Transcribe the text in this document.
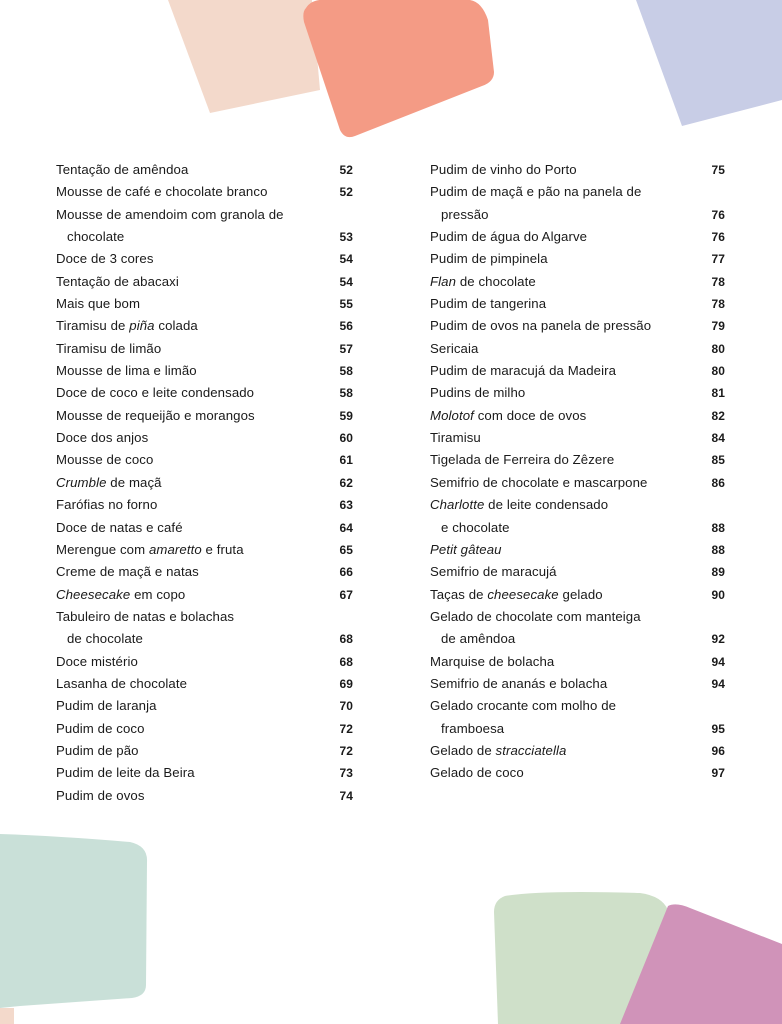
Tentação de amêndoa	52
Mousse de café e chocolate branco	52
Mousse de amendoim com granola de
chocolate	53
Doce de 3 cores	54
Tentação de abacaxi	54
Mais que bom	55
Tiramisu de piña colada	56
Tiramisu de limão	57
Mousse de lima e limão	58
Doce de coco e leite condensado	58
Mousse de requeijão e morangos	59
Doce dos anjos	60
Mousse de coco	61
Crumble de maçã	62
Farófias no forno	63
Doce de natas e café	64
Merengue com amaretto e fruta	65
Creme de maçã e natas	66
Cheesecake em copo	67
Tabuleiro de natas e bolachas
de chocolate	68
Doce mistério	68
Lasanha de chocolate	69
Pudim de laranja	70
Pudim de coco	72
Pudim de pão	72
Pudim de leite da Beira	73
Pudim de ovos	74
Pudim de vinho do Porto	75
Pudim de maçã e pão na panela de
pressão	76
Pudim de água do Algarve	76
Pudim de pimpinela	77
Flan de chocolate	78
Pudim de tangerina	78
Pudim de ovos na panela de pressão	79
Sericaia	80
Pudim de maracujá da Madeira	80
Pudins de milho	81
Molotof com doce de ovos	82
Tiramisu	84
Tigelada de Ferreira do Zêzere	85
Semifrio de chocolate e mascarpone	86
Charlotte de leite condensado
e chocolate	88
Petit gâteau	88
Semifrio de maracujá	89
Taças de cheesecake gelado	90
Gelado de chocolate com manteiga
de amêndoa	92
Marquise de bolacha	94
Semifrio de ananás e bolacha	94
Gelado crocante com molho de
framboesa	95
Gelado de stracciatella	96
Gelado de coco	97
